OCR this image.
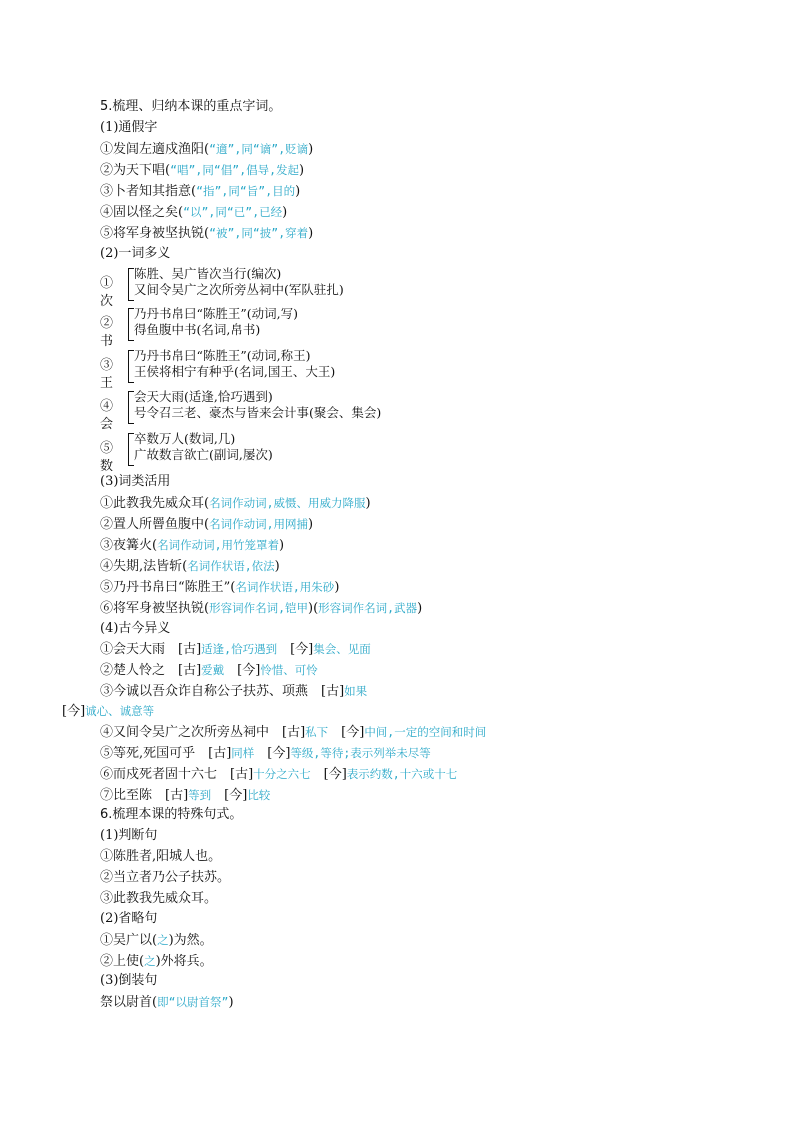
5.梳理、归纳本课的重点字词。
(1)通假字
①发闾左適戍渔阳(“適”,同“谪”,贬谪)
②为天下唱(“唱”,同“倡”,倡导,发起)
③卜者知其指意(“指”,同“旨”,目的)
④固以怪之矣(“以”,同“已”,已经)
⑤将军身被坚执锐(“被”,同“披”,穿着)
(2)一词多义
①次
陈胜、吴广皆次当行(编次)
又间令吴广之次所旁丛祠中(军队驻扎)
②书
乃丹书帛曰“陈胜王”(动词,写)
得鱼腹中书(名词,帛书)
③王
乃丹书帛曰“陈胜王”(动词,称王)
王侯将相宁有种乎(名词,国王、大王)
④会
会天大雨(适逢,恰巧遇到)
号令召三老、豪杰与皆来会计事(聚会、集会)
⑤数
卒数万人(数词,几)
广故数言欲亡(副词,屡次)
(3)词类活用
①此教我先威众耳(名词作动词,威慑、用威力降服)
②置人所罾鱼腹中(名词作动词,用网捕)
③夜篝火(名词作动词,用竹笼罩着)
④失期,法皆斩(名词作状语,依法)
⑤乃丹书帛曰“陈胜王”(名词作状语,用朱砂)
⑥将军身被坚执锐(形容词作名词,铠甲)(形容词作名词,武器)
(4)古今异义
①会天大雨　[古]适逢,恰巧遇到　[今]集会、见面
②楚人怜之　[古]爱戴　[今]怜惜、可怜
③今诚以吾众诈自称公子扶苏、项燕　[古]如果
[今]诚心、诚意等
④又间令吴广之次所旁丛祠中　[古]私下　[今]中间,一定的空间和时间
⑤等死,死国可乎　[古]同样　[今]等级,等待;表示列举未尽等
⑥而戍死者固十六七　[古]十分之六七　[今]表示约数,十六或十七
⑦比至陈　[古]等到　[今]比较
6.梳理本课的特殊句式。
(1)判断句
①陈胜者,阳城人也。
②当立者乃公子扶苏。
③此教我先威众耳。
(2)省略句
①吴广以(之)为然。
②上使(之)外将兵。
(3)倒装句
祭以尉首(即“以尉首祭”)
